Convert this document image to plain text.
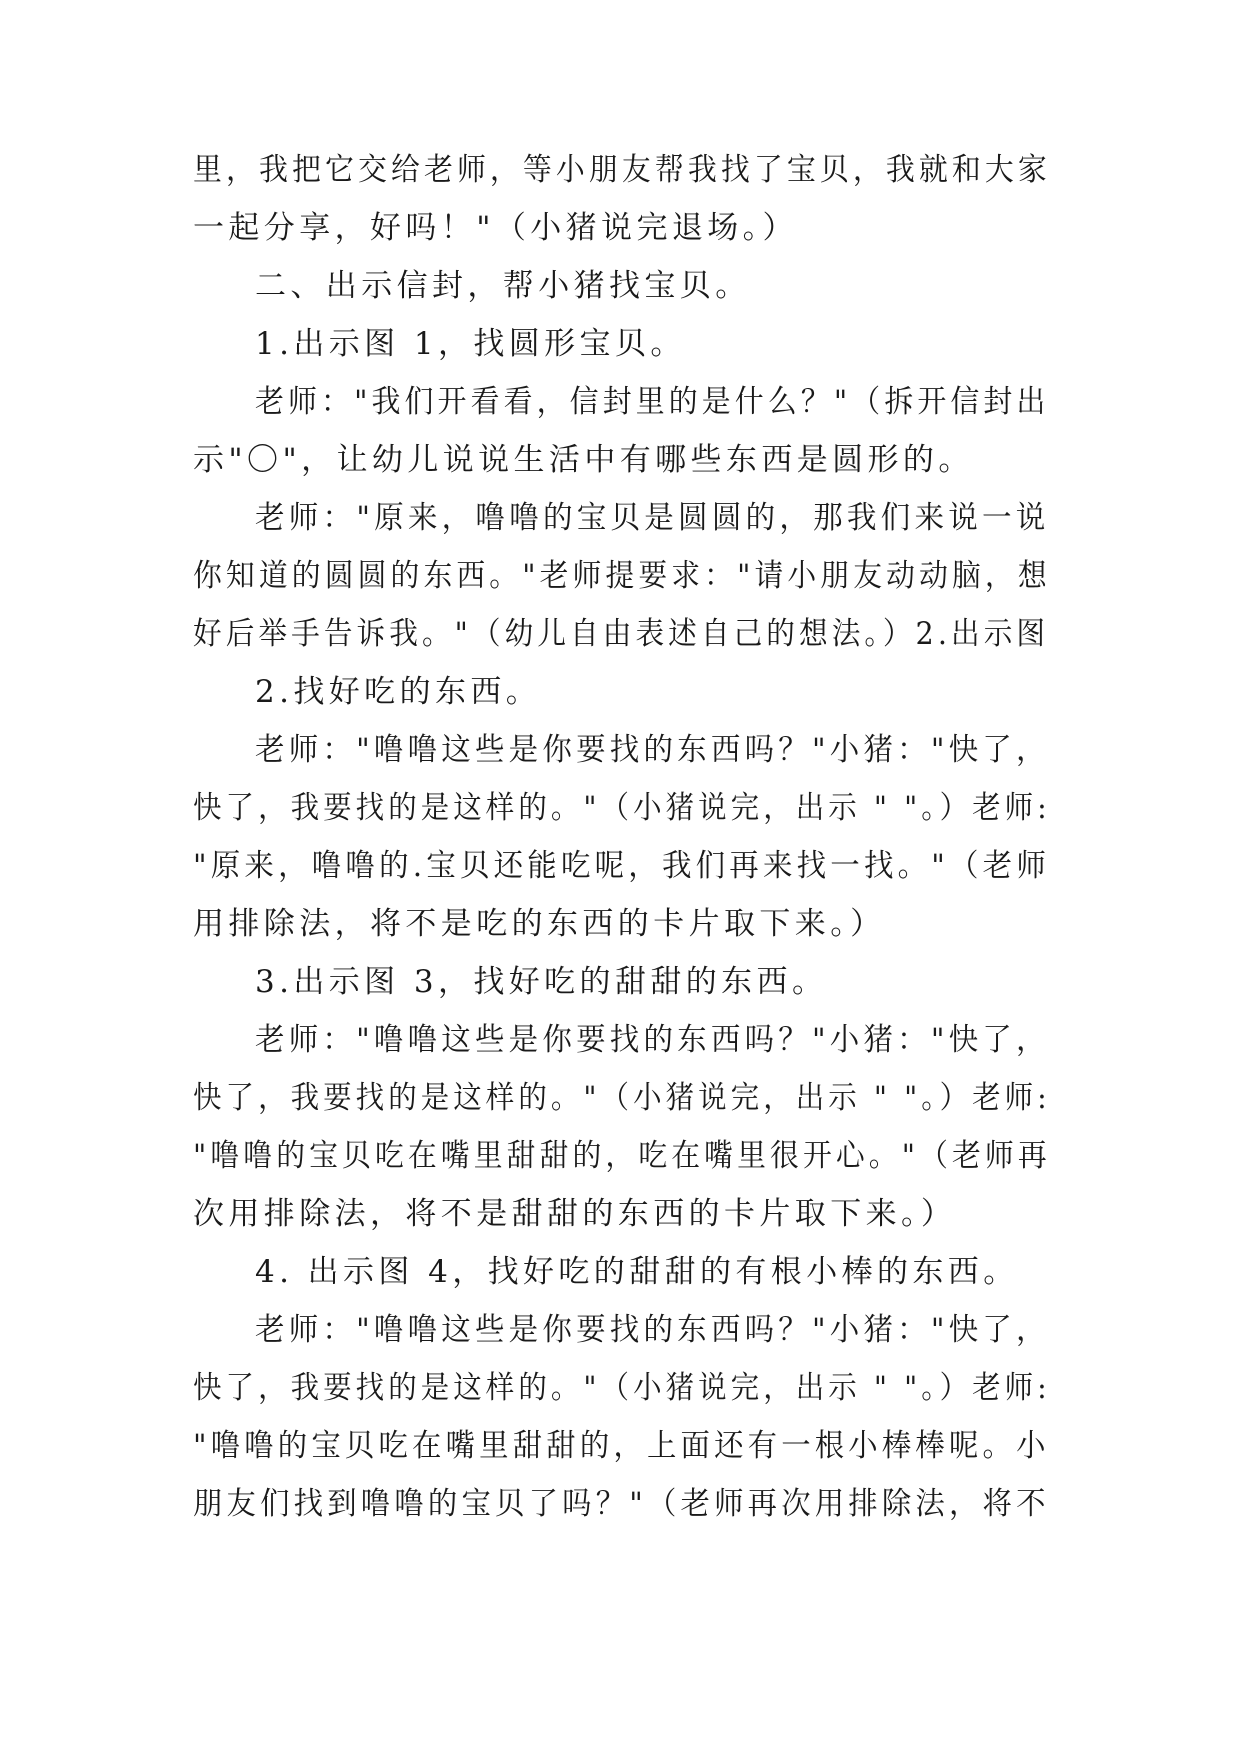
里，我把它交给老师，等小朋友帮我找了宝贝，我就和大家
一起分享，好吗！"（小猪说完退场。）
二、出示信封，帮小猪找宝贝。
1.出示图 1，找圆形宝贝。
老师："我们开看看，信封里的是什么？"（拆开信封出
示"〇"，让幼儿说说生活中有哪些东西是圆形的。
老师："原来，噜噜的宝贝是圆圆的，那我们来说一说
你知道的圆圆的东西。"老师提要求："请小朋友动动脑，想
好后举手告诉我。"（幼儿自由表述自己的想法。）2.出示图
2.找好吃的东西。
老师："噜噜这些是你要找的东西吗？"小猪："快了，
快了，我要找的是这样的。"（小猪说完，出示 " "。）老师:
"原来，噜噜的.宝贝还能吃呢，我们再来找一找。"（老师
用排除法，将不是吃的东西的卡片取下来。）
3.出示图 3，找好吃的甜甜的东西。
老师："噜噜这些是你要找的东西吗？"小猪："快了，
快了，我要找的是这样的。"（小猪说完，出示 " "。）老师:
"噜噜的宝贝吃在嘴里甜甜的，吃在嘴里很开心。"（老师再
次用排除法，将不是甜甜的东西的卡片取下来。）
4. 出示图 4，找好吃的甜甜的有根小棒的东西。
老师："噜噜这些是你要找的东西吗？"小猪："快了，
快了，我要找的是这样的。"（小猪说完，出示 " "。）老师:
"噜噜的宝贝吃在嘴里甜甜的，上面还有一根小棒棒呢。小
朋友们找到噜噜的宝贝了吗？"（老师再次用排除法，将不
